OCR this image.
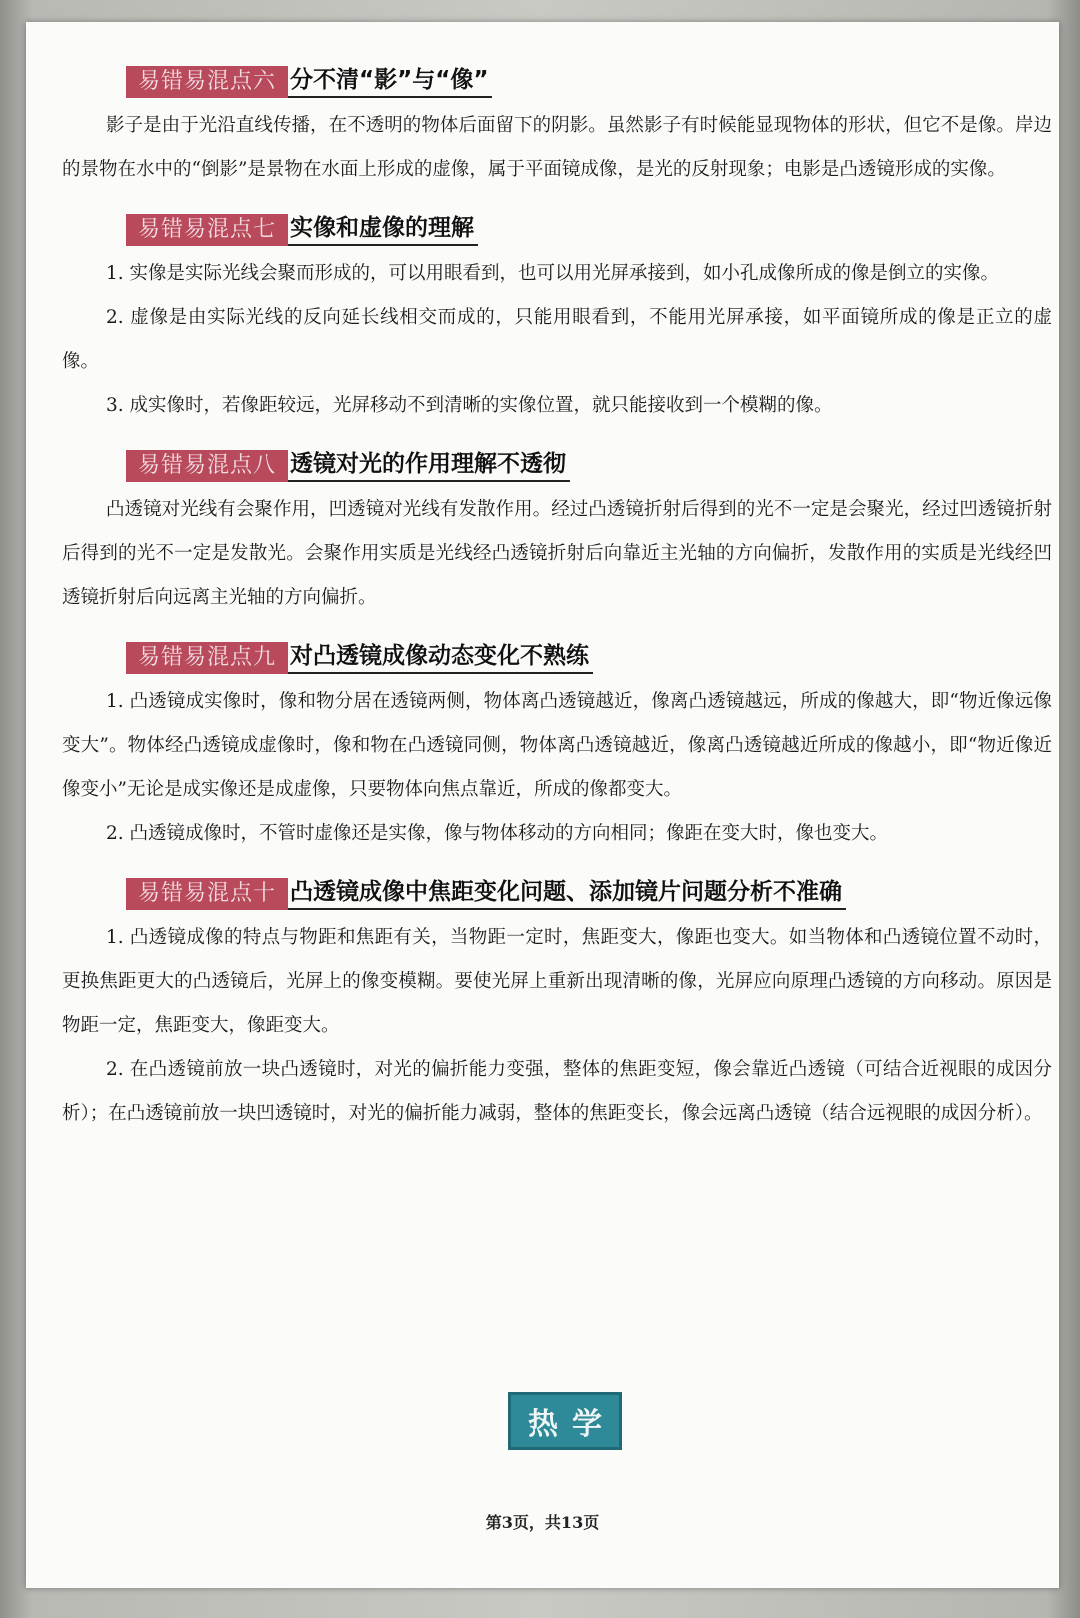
易错易混点六 分不清“影”与“像”

影子是由于光沿直线传播，在不透明的物体后面留下的阴影。虽然影子有时候能显现物体的形状，但它不是像。岸边的景物在水中的“倒影”是景物在水面上形成的虚像，属于平面镜成像，是光的反射现象；电影是凸透镜形成的实像。

易错易混点七 实像和虚像的理解

1. 实像是实际光线会聚而形成的，可以用眼看到，也可以用光屏承接到，如小孔成像所成的像是倒立的实像。

2. 虚像是由实际光线的反向延长线相交而成的，只能用眼看到，不能用光屏承接，如平面镜所成的像是正立的虚像。

3. 成实像时，若像距较远，光屏移动不到清晰的实像位置，就只能接收到一个模糊的像。

易错易混点八 透镜对光的作用理解不透彻

凸透镜对光线有会聚作用，凹透镜对光线有发散作用。经过凸透镜折射后得到的光不一定是会聚光，经过凹透镜折射后得到的光不一定是发散光。会聚作用实质是光线经凸透镜折射后向靠近主光轴的方向偏折，发散作用的实质是光线经凹透镜折射后向远离主光轴的方向偏折。

易错易混点九 对凸透镜成像动态变化不熟练

1. 凸透镜成实像时，像和物分居在透镜两侧，物体离凸透镜越近，像离凸透镜越远，所成的像越大，即“物近像远像变大”。物体经凸透镜成虚像时，像和物在凸透镜同侧，物体离凸透镜越近，像离凸透镜越近所成的像越小，即“物近像近像变小”无论是成实像还是成虚像，只要物体向焦点靠近，所成的像都变大。

2. 凸透镜成像时，不管时虚像还是实像，像与物体移动的方向相同；像距在变大时，像也变大。

易错易混点十 凸透镜成像中焦距变化问题、添加镜片问题分析不准确

1. 凸透镜成像的特点与物距和焦距有关，当物距一定时，焦距变大，像距也变大。如当物体和凸透镜位置不动时，更换焦距更大的凸透镜后，光屏上的像变模糊。要使光屏上重新出现清晰的像，光屏应向原理凸透镜的方向移动。原因是物距一定，焦距变大，像距变大。

2. 在凸透镜前放一块凸透镜时，对光的偏折能力变强，整体的焦距变短，像会靠近凸透镜（可结合近视眼的成因分析）；在凸透镜前放一块凹透镜时，对光的偏折能力减弱，整体的焦距变长，像会远离凸透镜（结合远视眼的成因分析）。

热学
第3页，共13页
